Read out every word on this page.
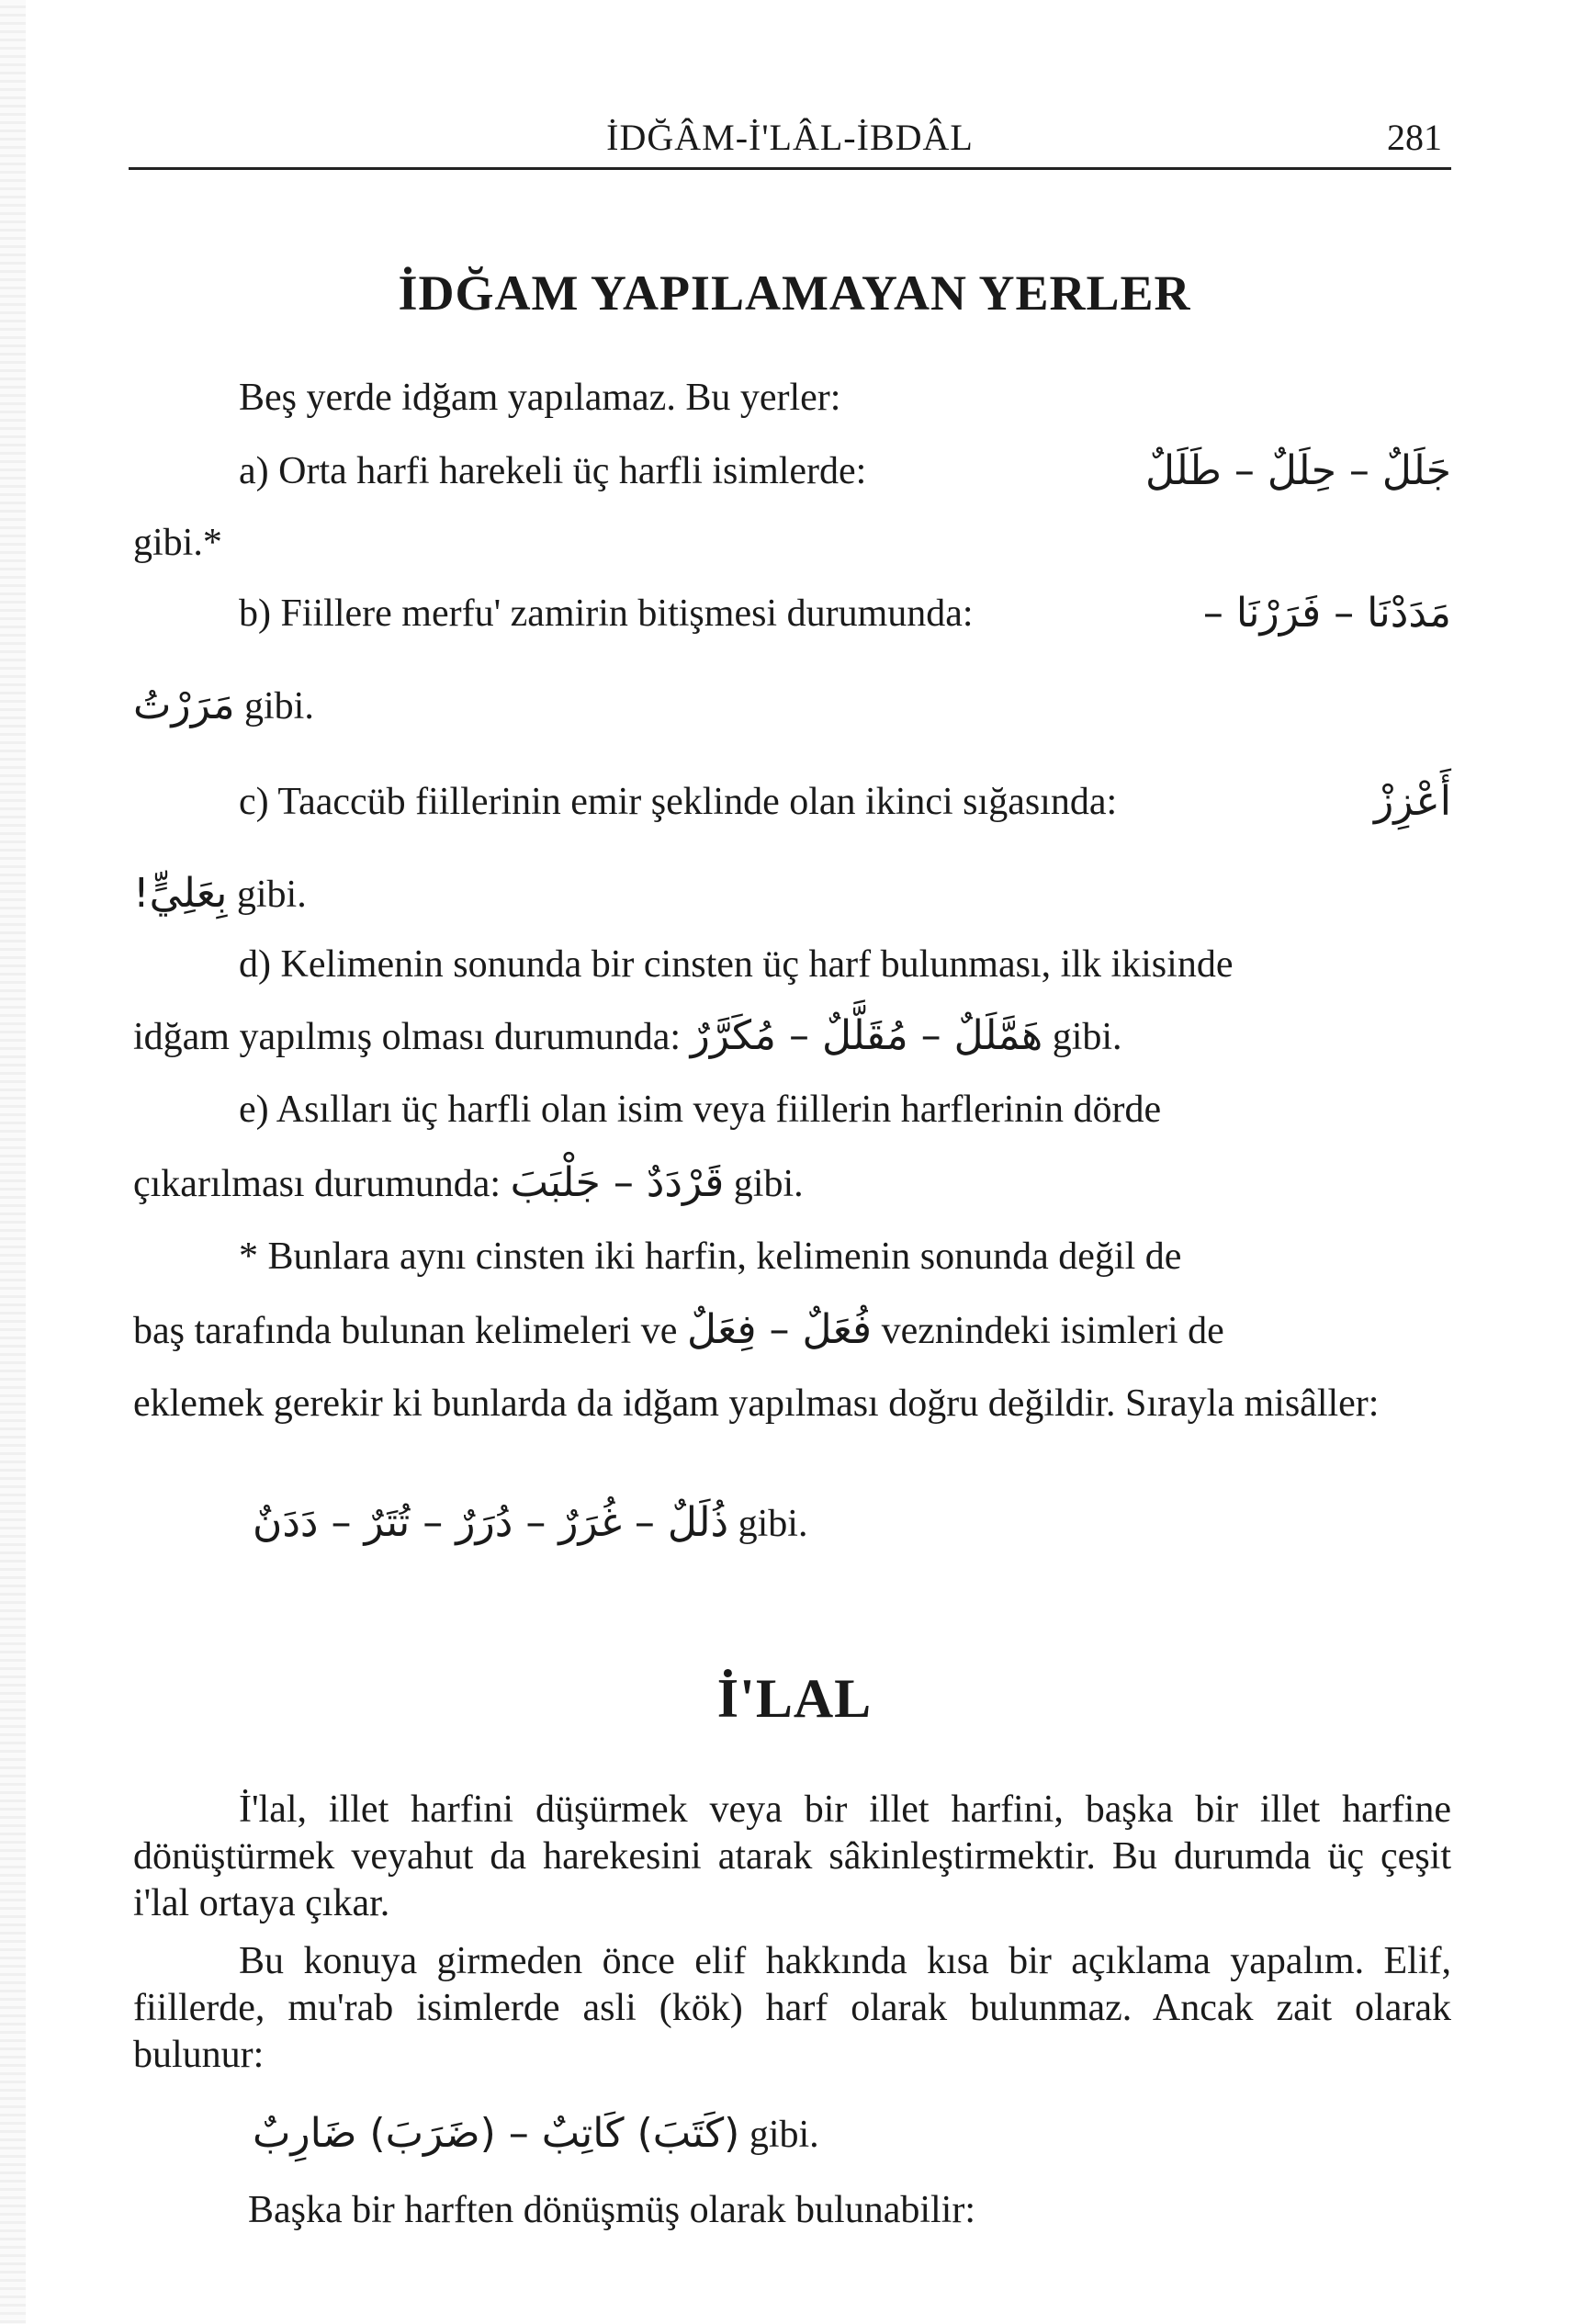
İDĞÂM-İ'LÂL-İBDÂL	281
İDĞAM YAPILAMAYAN YERLER
Beş yerde idğam yapılamaz. Bu yerler:
a) Orta harfi harekeli üç harfli isimlerde:	جَلَلٌ – حِلَلٌ – طَلَلٌ
gibi.*
b) Fiillere merfu' zamirin bitişmesi durumunda:	مَدَدْنَا – فَرَرْنَا –
مَرَرْتُ gibi.
c) Taaccüb fiillerinin emir şeklinde olan ikinci sığasında:	أَعْزِزْ
بِعَلِيٍّ! gibi.
d) Kelimenin sonunda bir cinsten üç harf bulunması, ilk ikisinde
idğam yapılmış olması durumunda: هَمَّلَلٌ – مُقَلَّلٌ – مُكَرَّرٌ gibi.
e) Asılları üç harfli olan isim veya fiillerin harflerinin dörde
çıkarılması durumunda: قَرْدَدٌ – جَلْبَبَ gibi.
* Bunlara aynı cinsten iki harfin, kelimenin sonunda değil de
baş tarafında bulunan kelimeleri ve فُعَلٌ – فِعَلٌ veznindeki isimleri de
eklemek gerekir ki bunlarda da idğam yapılması doğru değildir. Sırayla misâller:
ذُلَلٌ – غُرَرٌ – دُرَرٌ – تُتَرٌ – دَدَنٌ gibi.
İ'LAL
İ'lal, illet harfini düşürmek veya bir illet harfini, başka bir illet harfine dönüştürmek veyahut da harekesini atarak sâkinleştirmektir. Bu durumda üç çeşit i'lal ortaya çıkar.
Bu konuya girmeden önce elif hakkında kısa bir açıklama yapalım. Elif, fiillerde, mu'rab isimlerde asli (kök) harf olarak bulunmaz. Ancak zait olarak bulunur:
(كَتَبَ) كَاتِبٌ – (ضَرَبَ) ضَارِبٌ gibi.
Başka bir harften dönüşmüş olarak bulunabilir:
